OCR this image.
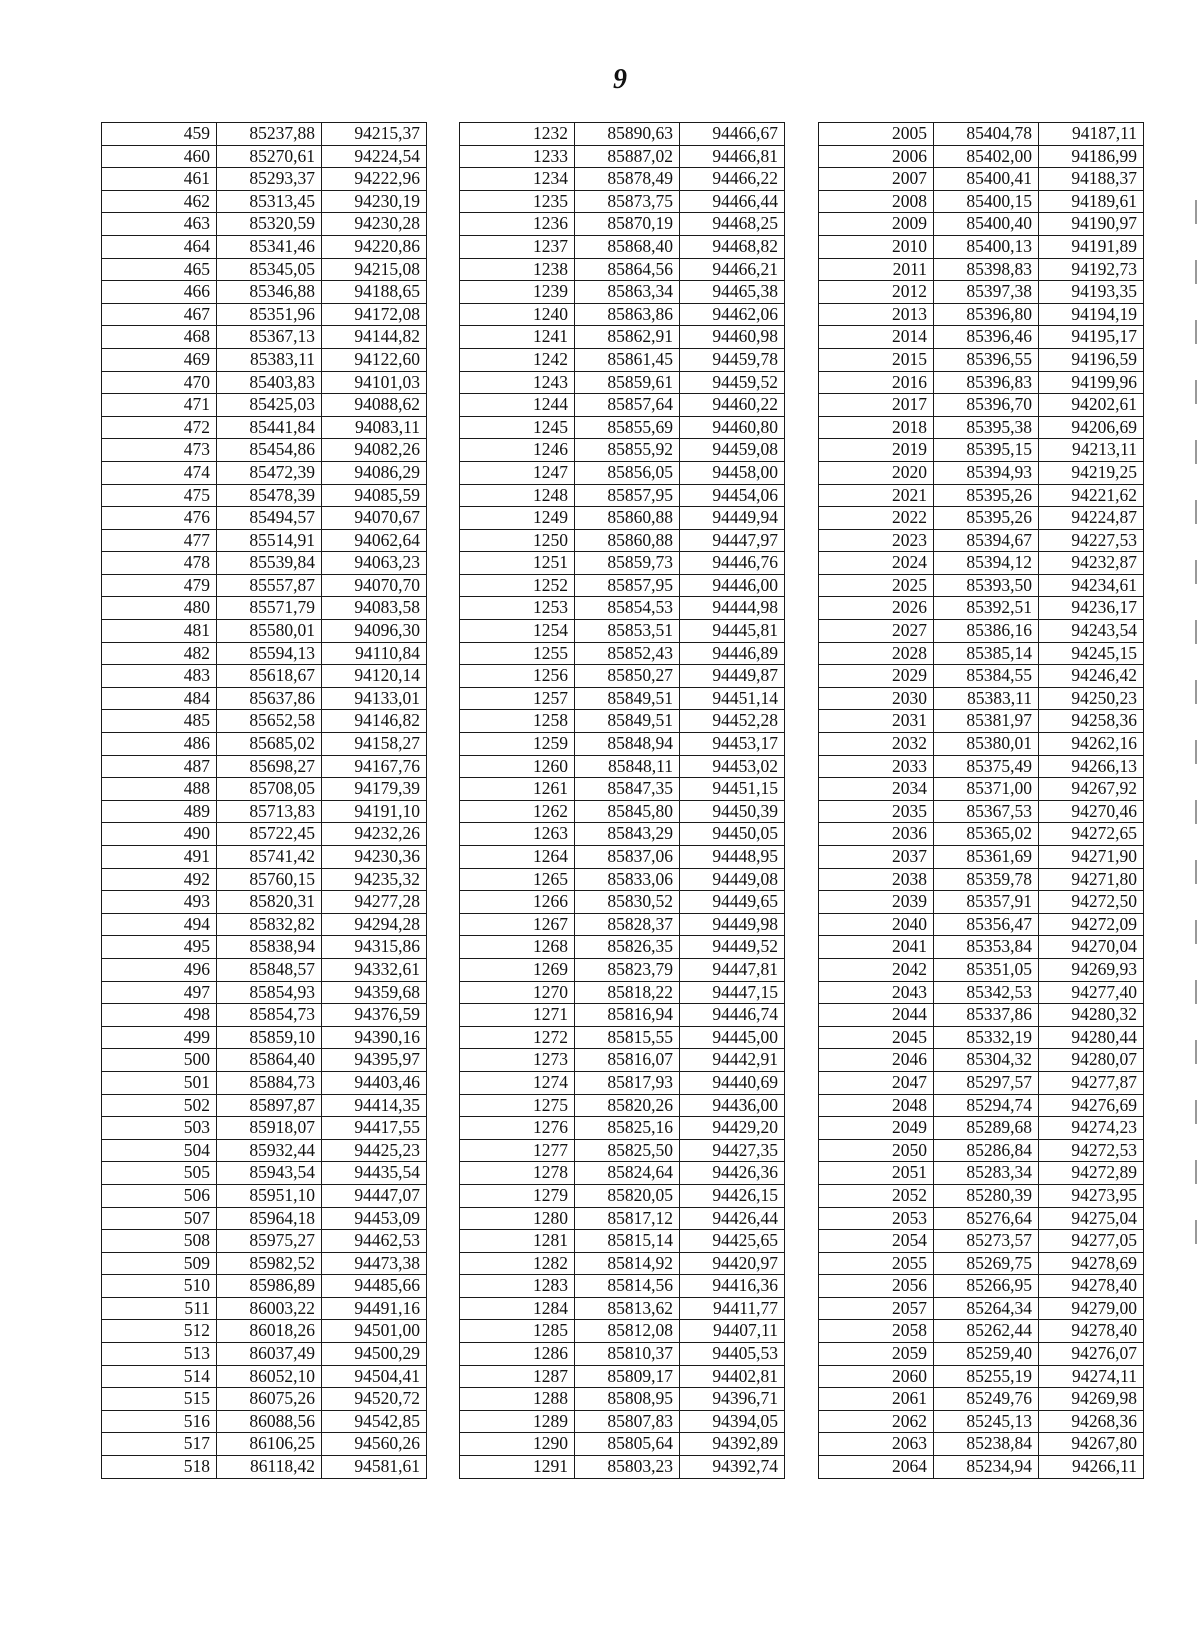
9
459	85237,88	94215,37
460	85270,61	94224,54
461	85293,37	94222,96
462	85313,45	94230,19
463	85320,59	94230,28
464	85341,46	94220,86
465	85345,05	94215,08
466	85346,88	94188,65
467	85351,96	94172,08
468	85367,13	94144,82
469	85383,11	94122,60
470	85403,83	94101,03
471	85425,03	94088,62
472	85441,84	94083,11
473	85454,86	94082,26
474	85472,39	94086,29
475	85478,39	94085,59
476	85494,57	94070,67
477	85514,91	94062,64
478	85539,84	94063,23
479	85557,87	94070,70
480	85571,79	94083,58
481	85580,01	94096,30
482	85594,13	94110,84
483	85618,67	94120,14
484	85637,86	94133,01
485	85652,58	94146,82
486	85685,02	94158,27
487	85698,27	94167,76
488	85708,05	94179,39
489	85713,83	94191,10
490	85722,45	94232,26
491	85741,42	94230,36
492	85760,15	94235,32
493	85820,31	94277,28
494	85832,82	94294,28
495	85838,94	94315,86
496	85848,57	94332,61
497	85854,93	94359,68
498	85854,73	94376,59
499	85859,10	94390,16
500	85864,40	94395,97
501	85884,73	94403,46
502	85897,87	94414,35
503	85918,07	94417,55
504	85932,44	94425,23
505	85943,54	94435,54
506	85951,10	94447,07
507	85964,18	94453,09
508	85975,27	94462,53
509	85982,52	94473,38
510	85986,89	94485,66
511	86003,22	94491,16
512	86018,26	94501,00
513	86037,49	94500,29
514	86052,10	94504,41
515	86075,26	94520,72
516	86088,56	94542,85
517	86106,25	94560,26
518	86118,42	94581,61
1232	85890,63	94466,67
1233	85887,02	94466,81
1234	85878,49	94466,22
1235	85873,75	94466,44
1236	85870,19	94468,25
1237	85868,40	94468,82
1238	85864,56	94466,21
1239	85863,34	94465,38
1240	85863,86	94462,06
1241	85862,91	94460,98
1242	85861,45	94459,78
1243	85859,61	94459,52
1244	85857,64	94460,22
1245	85855,69	94460,80
1246	85855,92	94459,08
1247	85856,05	94458,00
1248	85857,95	94454,06
1249	85860,88	94449,94
1250	85860,88	94447,97
1251	85859,73	94446,76
1252	85857,95	94446,00
1253	85854,53	94444,98
1254	85853,51	94445,81
1255	85852,43	94446,89
1256	85850,27	94449,87
1257	85849,51	94451,14
1258	85849,51	94452,28
1259	85848,94	94453,17
1260	85848,11	94453,02
1261	85847,35	94451,15
1262	85845,80	94450,39
1263	85843,29	94450,05
1264	85837,06	94448,95
1265	85833,06	94449,08
1266	85830,52	94449,65
1267	85828,37	94449,98
1268	85826,35	94449,52
1269	85823,79	94447,81
1270	85818,22	94447,15
1271	85816,94	94446,74
1272	85815,55	94445,00
1273	85816,07	94442,91
1274	85817,93	94440,69
1275	85820,26	94436,00
1276	85825,16	94429,20
1277	85825,50	94427,35
1278	85824,64	94426,36
1279	85820,05	94426,15
1280	85817,12	94426,44
1281	85815,14	94425,65
1282	85814,92	94420,97
1283	85814,56	94416,36
1284	85813,62	94411,77
1285	85812,08	94407,11
1286	85810,37	94405,53
1287	85809,17	94402,81
1288	85808,95	94396,71
1289	85807,83	94394,05
1290	85805,64	94392,89
1291	85803,23	94392,74
2005	85404,78	94187,11
2006	85402,00	94186,99
2007	85400,41	94188,37
2008	85400,15	94189,61
2009	85400,40	94190,97
2010	85400,13	94191,89
2011	85398,83	94192,73
2012	85397,38	94193,35
2013	85396,80	94194,19
2014	85396,46	94195,17
2015	85396,55	94196,59
2016	85396,83	94199,96
2017	85396,70	94202,61
2018	85395,38	94206,69
2019	85395,15	94213,11
2020	85394,93	94219,25
2021	85395,26	94221,62
2022	85395,26	94224,87
2023	85394,67	94227,53
2024	85394,12	94232,87
2025	85393,50	94234,61
2026	85392,51	94236,17
2027	85386,16	94243,54
2028	85385,14	94245,15
2029	85384,55	94246,42
2030	85383,11	94250,23
2031	85381,97	94258,36
2032	85380,01	94262,16
2033	85375,49	94266,13
2034	85371,00	94267,92
2035	85367,53	94270,46
2036	85365,02	94272,65
2037	85361,69	94271,90
2038	85359,78	94271,80
2039	85357,91	94272,50
2040	85356,47	94272,09
2041	85353,84	94270,04
2042	85351,05	94269,93
2043	85342,53	94277,40
2044	85337,86	94280,32
2045	85332,19	94280,44
2046	85304,32	94280,07
2047	85297,57	94277,87
2048	85294,74	94276,69
2049	85289,68	94274,23
2050	85286,84	94272,53
2051	85283,34	94272,89
2052	85280,39	94273,95
2053	85276,64	94275,04
2054	85273,57	94277,05
2055	85269,75	94278,69
2056	85266,95	94278,40
2057	85264,34	94279,00
2058	85262,44	94278,40
2059	85259,40	94276,07
2060	85255,19	94274,11
2061	85249,76	94269,98
2062	85245,13	94268,36
2063	85238,84	94267,80
2064	85234,94	94266,11
